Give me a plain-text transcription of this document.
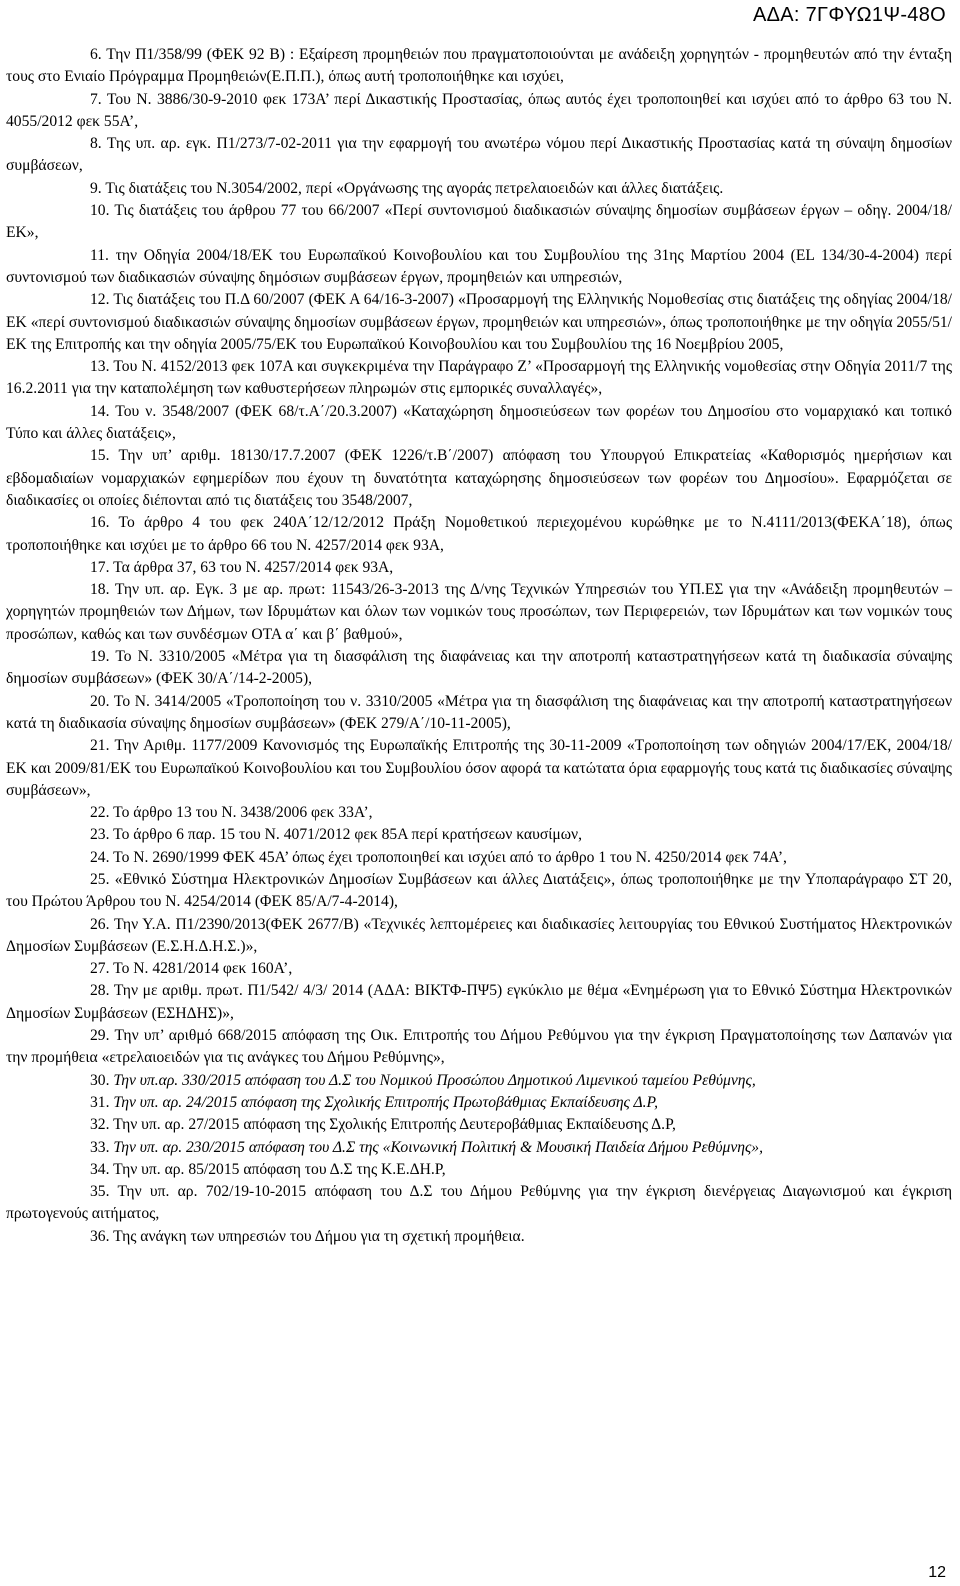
ΑΔΑ: 7ΓΦΥΩ1Ψ-48Ο

6. Την Π1/358/99 (ΦΕΚ 92 Β) : Εξαίρεση προμηθειών που πραγματοποιούνται με ανάδειξη χορηγητών - προμηθευτών από την ένταξη τους στο Ενιαίο Πρόγραμμα Προμηθειών(Ε.Π.Π.), όπως αυτή τροποποιήθηκε και ισχύει,

7. Του Ν. 3886/30-9-2010 φεκ 173Α’ περί Δικαστικής Προστασίας, όπως αυτός έχει τροποποιηθεί και ισχύει από το άρθρο 63 του Ν. 4055/2012 φεκ 55Α’,

8. Της υπ. αρ. εγκ. Π1/273/7-02-2011 για την εφαρμογή του ανωτέρω νόμου περί Δικαστικής Προστασίας κατά τη σύναψη δημοσίων συμβάσεων,

9. Τις διατάξεις του Ν.3054/2002, περί «Οργάνωσης της αγοράς πετρελαιοειδών και άλλες διατάξεις.

10. Τις διατάξεις του άρθρου 77 του 66/2007 «Περί συντονισμού διαδικασιών σύναψης δημοσίων συμβάσεων έργων – οδηγ. 2004/18/ΕΚ»,

11. την Οδηγία 2004/18/ΕΚ του Ευρωπαϊκού Κοινοβουλίου και του Συμβουλίου της 31ης Μαρτίου 2004 (EL 134/30-4-2004) περί συντονισμού των διαδικασιών σύναψης δημόσιων συμβάσεων έργων, προμηθειών και υπηρεσιών,

12. Τις διατάξεις του Π.Δ 60/2007 (ΦΕΚ Α 64/16-3-2007) «Προσαρμογή της Ελληνικής Νομοθεσίας στις διατάξεις της οδηγίας 2004/18/ΕΚ «περί συντονισμού διαδικασιών σύναψης δημοσίων συμβάσεων έργων, προμηθειών και υπηρεσιών», όπως τροποποιήθηκε με την οδηγία 2055/51/ΕΚ της Επιτροπής και την οδηγία 2005/75/ΕΚ του Ευρωπαϊκού Κοινοβουλίου και του Συμβουλίου της 16 Νοεμβρίου 2005,

13. Του Ν. 4152/2013 φεκ 107Α και συγκεκριμένα την Παράγραφο Ζ’ «Προσαρμογή της Ελληνικής νομοθεσίας στην Οδηγία 2011/7 της 16.2.2011 για την καταπολέμηση των καθυστερήσεων πληρωμών στις εμπορικές συναλλαγές»,

14. Του ν. 3548/2007 (ΦΕΚ 68/τ.Α΄/20.3.2007) «Καταχώρηση δημοσιεύσεων των φορέων του Δημοσίου στο νομαρχιακό και τοπικό Τύπο και άλλες διατάξεις»,

15. Την υπ’ αριθμ. 18130/17.7.2007 (ΦΕΚ 1226/τ.Β΄/2007) απόφαση του Υπουργού Επικρατείας «Καθορισμός ημερήσιων και εβδομαδιαίων νομαρχιακών εφημερίδων που έχουν τη δυνατότητα καταχώρησης δημοσιεύσεων των φορέων του Δημοσίου». Εφαρμόζεται σε διαδικασίες οι οποίες διέπονται από τις διατάξεις του 3548/2007,

16. Το άρθρο 4 του φεκ 240Α΄12/12/2012 Πράξη Νομοθετικού περιεχομένου κυρώθηκε με το Ν.4111/2013(ΦΕΚΑ΄18), όπως τροποποιήθηκε και ισχύει με το άρθρο 66 του Ν. 4257/2014 φεκ 93Α,

17. Τα άρθρα 37, 63 του Ν. 4257/2014 φεκ 93Α,

18. Την υπ. αρ. Εγκ. 3 με αρ. πρωτ: 11543/26-3-2013 της Δ/νης Τεχνικών Υπηρεσιών του ΥΠ.ΕΣ για την «Ανάδειξη προμηθευτών – χορηγητών προμηθειών των Δήμων, των Ιδρυμάτων και όλων των νομικών τους προσώπων, των Περιφερειών, των Ιδρυμάτων και των νομικών τους προσώπων, καθώς και των συνδέσμων ΟΤΑ α΄ και β΄ βαθμού»,

19. Το Ν. 3310/2005 «Μέτρα για τη διασφάλιση της διαφάνειας και την αποτροπή καταστρατηγήσεων κατά τη διαδικασία σύναψης δημοσίων συμβάσεων» (ΦΕΚ 30/Α΄/14-2-2005),

20. Το Ν. 3414/2005 «Τροποποίηση του ν. 3310/2005 «Μέτρα για τη διασφάλιση της διαφάνειας και την αποτροπή καταστρατηγήσεων κατά τη διαδικασία σύναψης δημοσίων συμβάσεων» (ΦΕΚ 279/Α΄/10-11-2005),

21. Την Αριθμ. 1177/2009 Κανονισμός της Ευρωπαϊκής Επιτροπής της 30-11-2009 «Τροποποίηση των οδηγιών 2004/17/ΕΚ, 2004/18/ΕΚ και 2009/81/ΕΚ του Ευρωπαϊκού Κοινοβουλίου και του Συμβουλίου όσον αφορά τα κατώτατα όρια εφαρμογής τους κατά τις διαδικασίες σύναψης συμβάσεων»,

22. Το άρθρο 13 του Ν. 3438/2006 φεκ 33Α’,

23. Το άρθρο 6 παρ. 15 του Ν. 4071/2012 φεκ 85Α περί κρατήσεων καυσίμων,

24. Το Ν. 2690/1999 ΦΕΚ 45Α’ όπως έχει τροποποιηθεί και ισχύει από το άρθρο 1 του Ν. 4250/2014 φεκ 74Α’,

25. «Εθνικό Σύστημα Ηλεκτρονικών Δημοσίων Συμβάσεων και άλλες Διατάξεις», όπως τροποποιήθηκε με την Υποπαράγραφο ΣΤ 20, του Πρώτου Άρθρου του Ν. 4254/2014 (ΦΕΚ 85/Α/7-4-2014),

26. Την Υ.Α. Π1/2390/2013(ΦΕΚ 2677/Β) «Τεχνικές λεπτομέρειες και διαδικασίες λειτουργίας του Εθνικού Συστήματος Ηλεκτρονικών Δημοσίων Συμβάσεων (Ε.Σ.Η.Δ.Η.Σ.)»,

27. Το Ν. 4281/2014 φεκ 160Α’,

28. Την με αριθμ. πρωτ. Π1/542/ 4/3/ 2014 (ΑΔΑ: ΒΙΚΤΦ-ΠΨ5) εγκύκλιο με θέμα «Ενημέρωση για το Εθνικό Σύστημα Ηλεκτρονικών Δημοσίων Συμβάσεων (ΕΣΗΔΗΣ)»,

29. Την υπ’ αριθμό 668/2015 απόφαση της Οικ. Επιτροπής του Δήμου Ρεθύμνου για την έγκριση Πραγματοποίησης των Δαπανών για την προμήθεια «ετρελαιοειδών για τις ανάγκες του Δήμου Ρεθύμνης»,

30. Την υπ.αρ. 330/2015 απόφαση του Δ.Σ του Νομικού Προσώπου Δημοτικού Λιμενικού ταμείου Ρεθύμνης,

31. Την υπ. αρ. 24/2015 απόφαση της Σχολικής Επιτροπής Πρωτοβάθμιας Εκπαίδευσης Δ.Ρ,

32. Την υπ. αρ. 27/2015 απόφαση της Σχολικής Επιτροπής Δευτεροβάθμιας Εκπαίδευσης Δ.Ρ,

33. Την υπ. αρ. 230/2015 απόφαση του Δ.Σ της «Κοινωνική Πολιτική & Μουσική Παιδεία Δήμου Ρεθύμνης»,

34. Την υπ. αρ. 85/2015 απόφαση του Δ.Σ της Κ.Ε.ΔΗ.Ρ,

35. Την υπ. αρ. 702/19-10-2015 απόφαση του Δ.Σ του Δήμου Ρεθύμνης για την έγκριση διενέργειας Διαγωνισμού και έγκριση πρωτογενούς αιτήματος,

36. Της ανάγκη των υπηρεσιών του Δήμου για τη σχετική προμήθεια.

12
